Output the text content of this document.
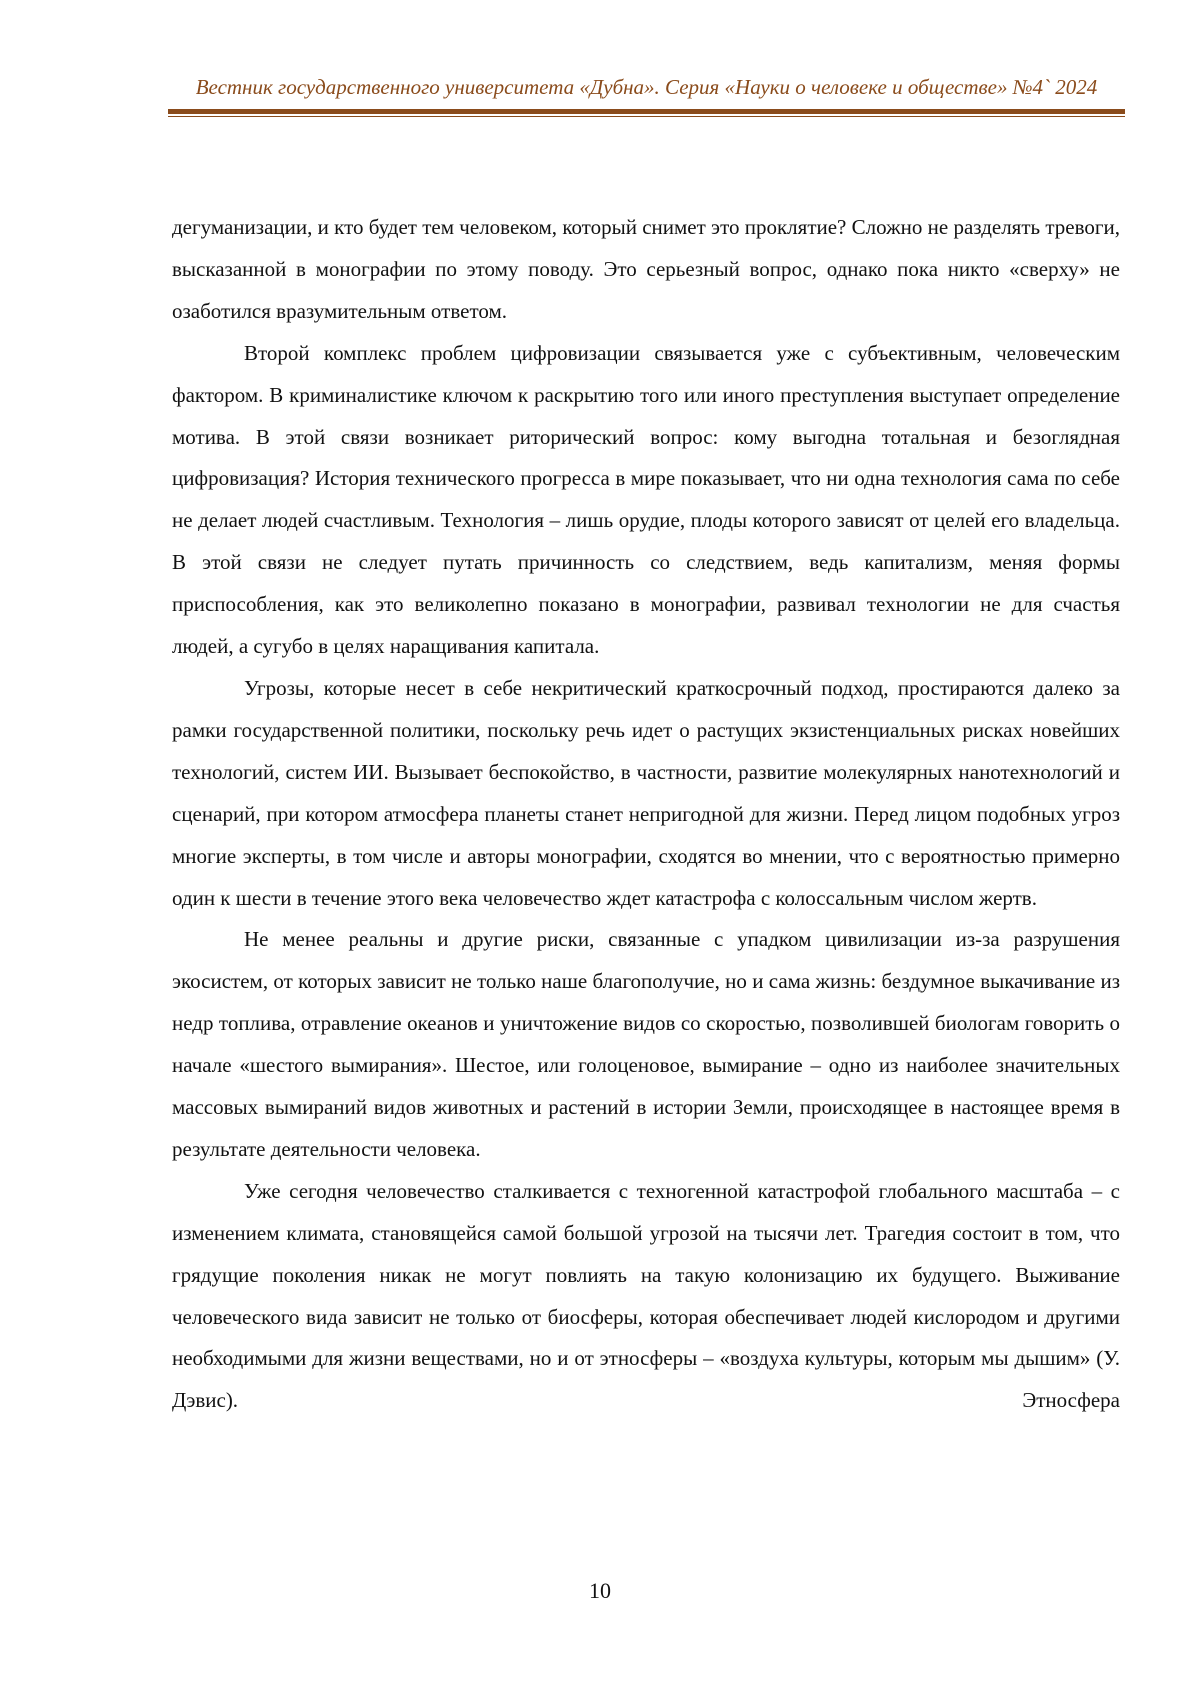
Вестник государственного университета «Дубна». Серия «Науки о человеке и обществе» №4` 2024

дегуманизации, и кто будет тем человеком, который снимет это проклятие? Сложно не разделять тревоги, высказанной в монографии по этому поводу. Это серьезный вопрос, однако пока никто «сверху» не озаботился вразумительным ответом.

Второй комплекс проблем цифровизации связывается уже с субъективным, человеческим фактором. В криминалистике ключом к раскрытию того или иного преступления выступает определение мотива. В этой связи возникает риторический вопрос: кому выгодна тотальная и безоглядная цифровизация? История технического прогресса в мире показывает, что ни одна технология сама по себе не делает людей счастливым. Технология – лишь орудие, плоды которого зависят от целей его владельца. В этой связи не следует путать причинность со следствием, ведь капитализм, меняя формы приспособления, как это великолепно показано в монографии, развивал технологии не для счастья людей, а сугубо в целях наращивания капитала.

Угрозы, которые несет в себе некритический краткосрочный подход, простираются далеко за рамки государственной политики, поскольку речь идет о растущих экзистенциальных рисках новейших технологий, систем ИИ. Вызывает беспокойство, в частности, развитие молекулярных нанотехнологий и сценарий, при котором атмосфера планеты станет непригодной для жизни. Перед лицом подобных угроз многие эксперты, в том числе и авторы монографии, сходятся во мнении, что с вероятностью примерно один к шести в течение этого века человечество ждет катастрофа с колоссальным числом жертв.

Не менее реальны и другие риски, связанные с упадком цивилизации из-за разрушения экосистем, от которых зависит не только наше благополучие, но и сама жизнь: бездумное выкачивание из недр топлива, отравление океанов и уничтожение видов со скоростью, позволившей биологам говорить о начале «шестого вымирания». Шестое, или голоценовое, вымирание – одно из наиболее значительных массовых вымираний видов животных и растений в истории Земли, происходящее в настоящее время в результате деятельности человека.

Уже сегодня человечество сталкивается с техногенной катастрофой глобального масштаба – с изменением климата, становящейся самой большой угрозой на тысячи лет. Трагедия состоит в том, что грядущие поколения никак не могут повлиять на такую колонизацию их будущего. Выживание человеческого вида зависит не только от биосферы, которая обеспечивает людей кислородом и другими необходимыми для жизни веществами, но и от этносферы – «воздуха культуры, которым мы дышим» (У. Дэвис). Этносфера

10
